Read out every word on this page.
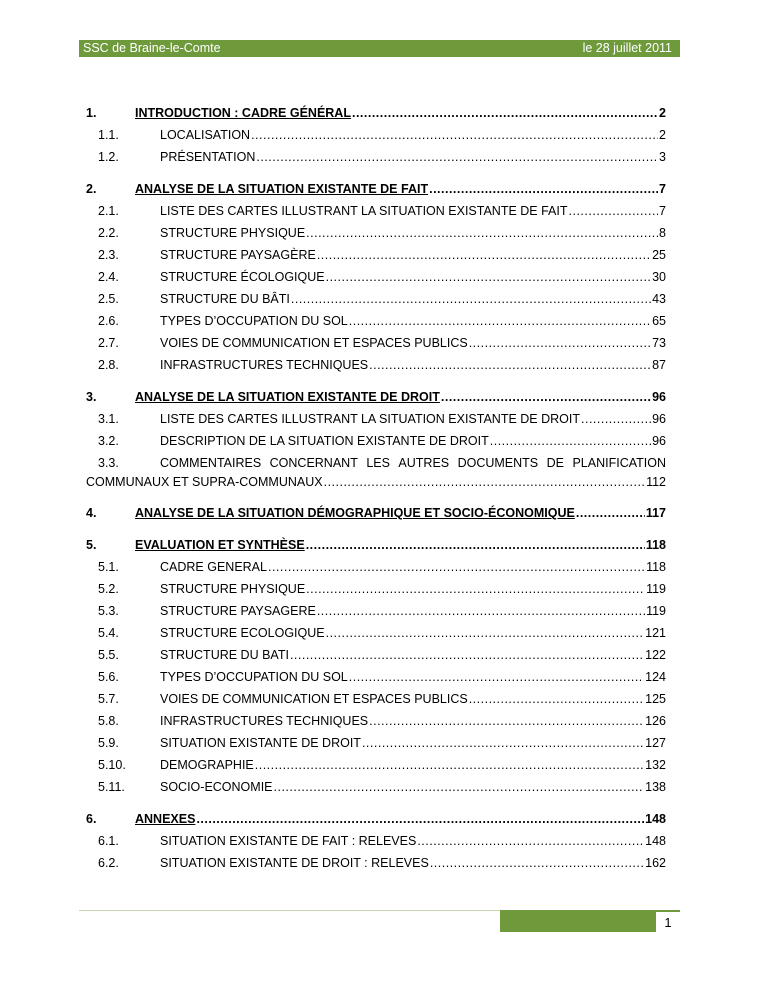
SSC de Braine-le-Comte	le 28 juillet 2011
1.	INTRODUCTION : CADRE GÉNÉRAL .....	2
1.1.	LOCALISATION .....	2
1.2.	PRÉSENTATION .....	3
2.	ANALYSE DE LA SITUATION EXISTANTE DE FAIT .....	7
2.1.	LISTE DES CARTES ILLUSTRANT LA SITUATION EXISTANTE DE FAIT .....	7
2.2.	STRUCTURE PHYSIQUE .....	8
2.3.	STRUCTURE PAYSAGÈRE .....	25
2.4.	STRUCTURE ÉCOLOGIQUE .....	30
2.5.	STRUCTURE DU BÂTI .....	43
2.6.	TYPES D’OCCUPATION DU SOL .....	65
2.7.	VOIES DE COMMUNICATION ET ESPACES PUBLICS .....	73
2.8.	INFRASTRUCTURES TECHNIQUES .....	87
3.	ANALYSE DE LA SITUATION EXISTANTE DE DROIT .....	96
3.1.	LISTE DES CARTES ILLUSTRANT LA SITUATION EXISTANTE DE DROIT .....	96
3.2.	DESCRIPTION DE LA SITUATION EXISTANTE DE DROIT .....	96
3.3.	COMMENTAIRES CONCERNANT LES AUTRES DOCUMENTS DE PLANIFICATION
COMMUNAUX ET SUPRA-COMMUNAUX .....	112
4.	ANALYSE DE LA SITUATION DÉMOGRAPHIQUE ET SOCIO-ÉCONOMIQUE .....	117
5.	EVALUATION ET SYNTHÈSE .....	118
5.1.	CADRE GENERAL .....	118
5.2.	STRUCTURE PHYSIQUE .....	119
5.3.	STRUCTURE PAYSAGERE .....	119
5.4.	STRUCTURE ECOLOGIQUE .....	121
5.5.	STRUCTURE DU BATI .....	122
5.6.	TYPES D’OCCUPATION DU SOL .....	124
5.7.	VOIES DE COMMUNICATION ET ESPACES PUBLICS .....	125
5.8.	INFRASTRUCTURES TECHNIQUES .....	126
5.9.	SITUATION EXISTANTE DE DROIT .....	127
5.10.	DEMOGRAPHIE .....	132
5.11.	SOCIO-ECONOMIE .....	138
6.	ANNEXES .....	148
6.1.	SITUATION EXISTANTE DE FAIT : RELEVES .....	148
6.2.	SITUATION EXISTANTE DE DROIT : RELEVES .....	162
1
